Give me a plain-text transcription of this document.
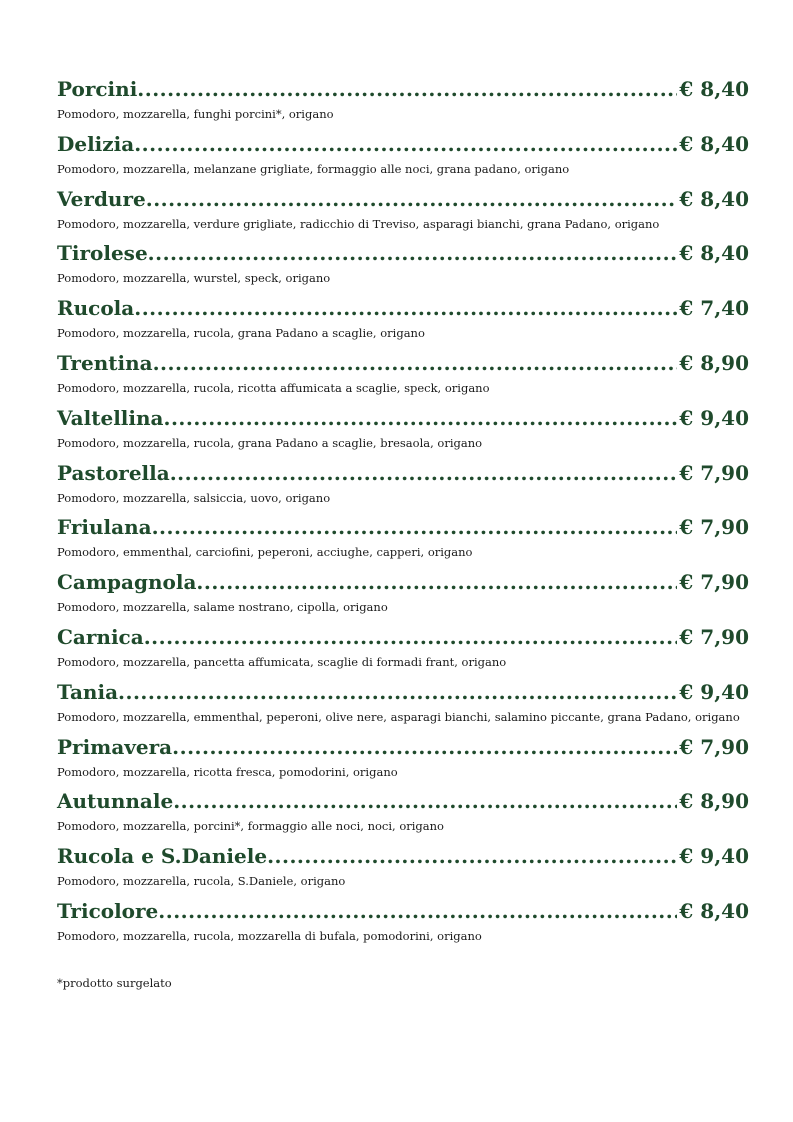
Porcini .....	€ 8,40
Pomodoro, mozzarella, funghi porcini*, origano
Delizia .....	€ 8,40
Pomodoro, mozzarella, melanzane grigliate, formaggio alle noci, grana padano, origano
Verdure .....	€ 8,40
Pomodoro, mozzarella, verdure grigliate, radicchio di Treviso, asparagi bianchi, grana Padano, origano
Tirolese .....	€ 8,40
Pomodoro, mozzarella, wurstel, speck, origano
Rucola .....	€ 7,40
Pomodoro, mozzarella, rucola, grana Padano a scaglie, origano
Trentina .....	€ 8,90
Pomodoro, mozzarella, rucola, ricotta affumicata a scaglie, speck, origano
Valtellina .....	€ 9,40
Pomodoro, mozzarella, rucola, grana Padano a scaglie, bresaola, origano
Pastorella .....	€ 7,90
Pomodoro, mozzarella, salsiccia, uovo, origano
Friulana .....	€ 7,90
Pomodoro, emmenthal, carciofini, peperoni, acciughe, capperi, origano
Campagnola .....	€ 7,90
Pomodoro, mozzarella, salame nostrano, cipolla, origano
Carnica .....	€ 7,90
Pomodoro, mozzarella, pancetta affumicata, scaglie di formadi frant, origano
Tania .....	€ 9,40
Pomodoro, mozzarella, emmenthal, peperoni, olive nere, asparagi bianchi, salamino piccante, grana Padano, origano
Primavera .....	€ 7,90
Pomodoro, mozzarella, ricotta fresca, pomodorini, origano
Autunnale .....	€ 8,90
Pomodoro, mozzarella, porcini*, formaggio alle noci, noci, origano
Rucola e S.Daniele .....	€ 9,40
Pomodoro, mozzarella, rucola, S.Daniele, origano
Tricolore .....	€ 8,40
Pomodoro, mozzarella, rucola, mozzarella di bufala, pomodorini, origano
*prodotto surgelato
